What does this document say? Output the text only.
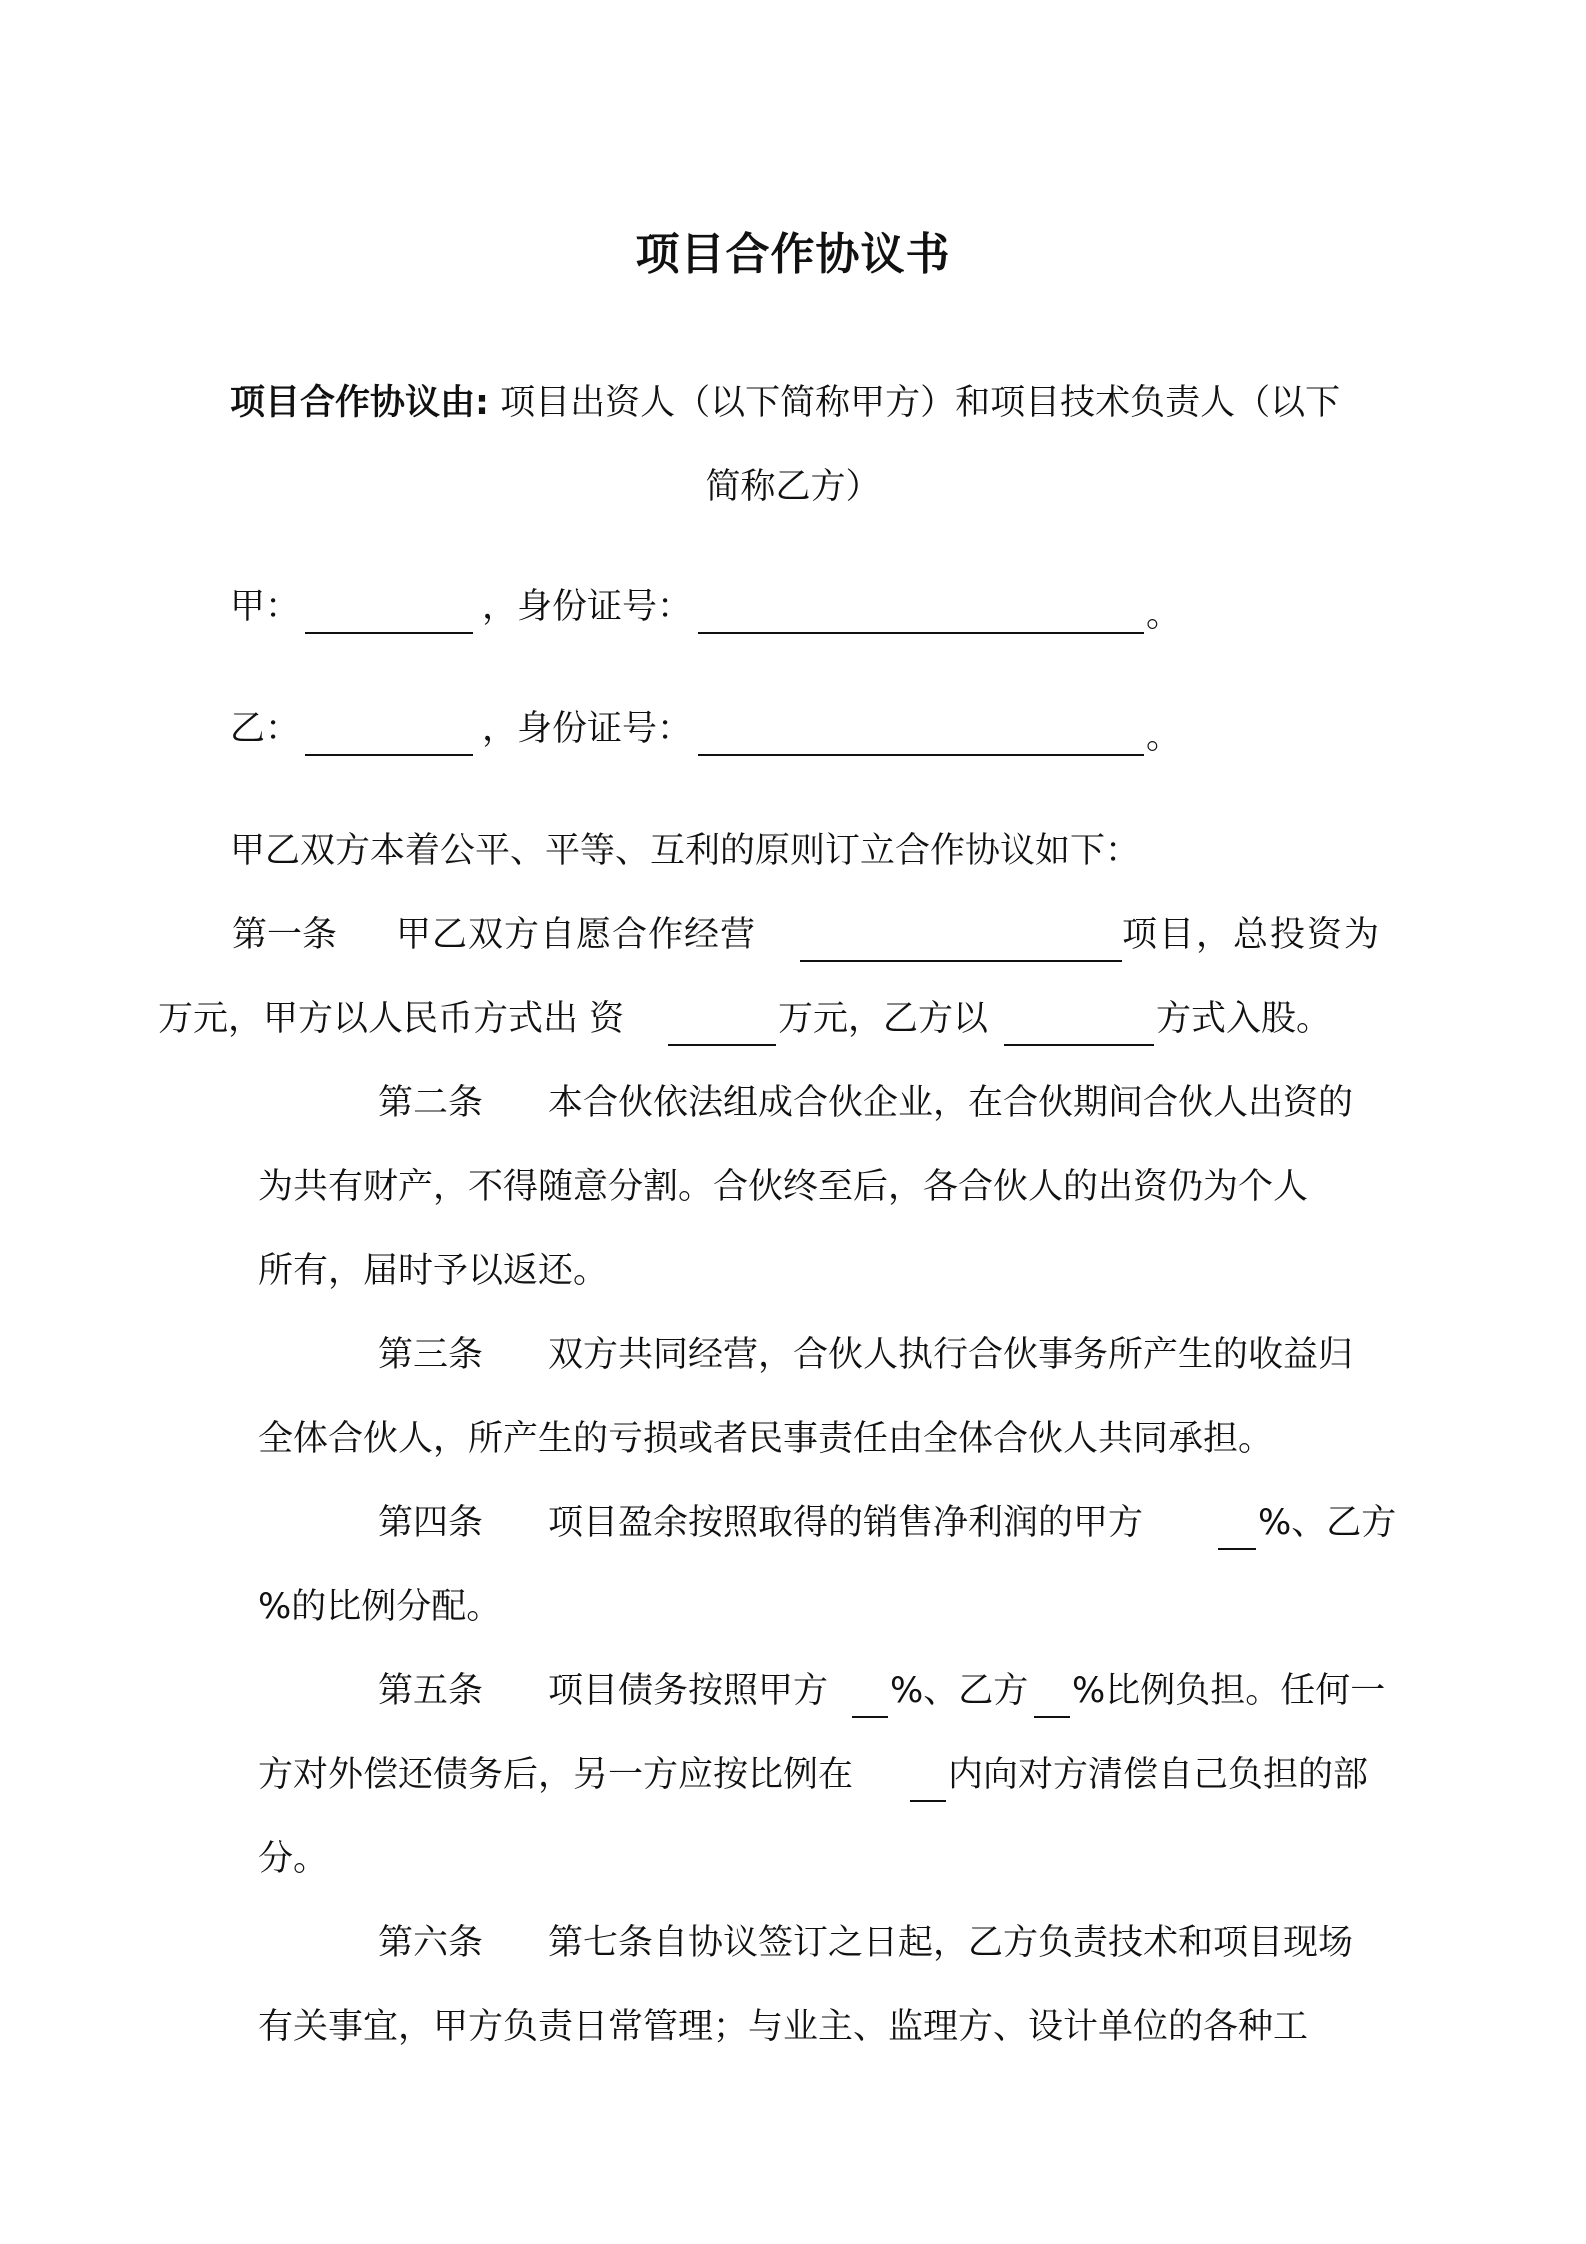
项目合作协议书
项目合作协议由: 项目出资人（以下简称甲方）和项目技术负责人（以下
简称乙方）
甲：	，身份证号：	。
乙：	，身份证号：	。
甲乙双方本着公平、平等、互利的原则订立合作协议如下：
第一条 甲乙双方自愿合作经营	项目，总投资为
万元，甲方以人民币方式出 资	万元，乙方以	方式入股。
第二条 本合伙依法组成合伙企业，在合伙期间合伙人出资的
为共有财产，不得随意分割。合伙终至后，各合伙人的出资仍为个人
所有，届时予以返还。
第三条 双方共同经营，合伙人执行合伙事务所产生的收益归
全体合伙人，所产生的亏损或者民事责任由全体合伙人共同承担。
第四条 项目盈余按照取得的销售净利润的甲方	%、乙方
%的比例分配。
第五条 项目债务按照甲方 %、乙方 %比例负担。任何一
方对外偿还债务后，另一方应按比例在	内向对方清偿自己负担的部
分。
第六条 第七条自协议签订之日起，乙方负责技术和项目现场
有关事宜，甲方负责日常管理；与业主、监理方、设计单位的各种工
